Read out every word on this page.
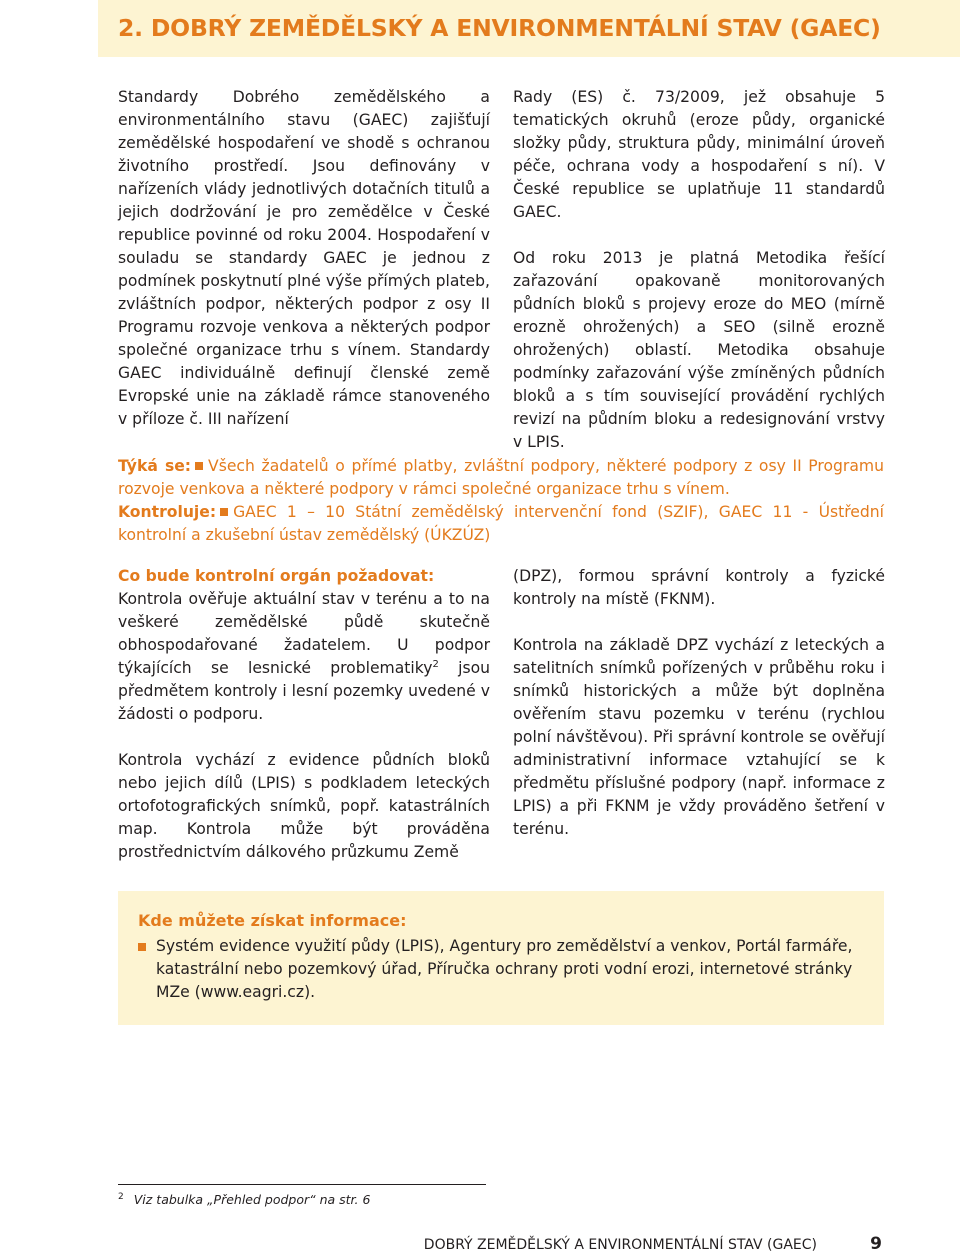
2. DOBRÝ ZEMĚDĚLSKÝ A ENVIRONMENTÁLNÍ STAV (GAEC)

Standardy Dobrého zemědělského a environmentálního stavu (GAEC) zajišťují zemědělské hospodaření ve shodě s ochranou životního prostředí. Jsou definovány v nařízeních vlády jednotlivých dotačních titulů a jejich dodržování je pro zemědělce v České republice povinné od roku 2004. Hospodaření v souladu se standardy GAEC je jednou z podmínek poskytnutí plné výše přímých plateb, zvláštních podpor, některých podpor z osy II Programu rozvoje venkova a některých podpor společné organizace trhu s vínem. Standardy GAEC individuálně definují členské země Evropské unie na základě rámce stanoveného v příloze č. III nařízení

Rady (ES) č. 73/2009, jež obsahuje 5 tematických okruhů (eroze půdy, organické složky půdy, struktura půdy, minimální úroveň péče, ochrana vody a hospodaření s ní). V České republice se uplatňuje 11 standardů GAEC.

Od roku 2013 je platná Metodika řešící zařazování opakovaně monitorovaných půdních bloků s projevy eroze do MEO (mírně erozně ohrožených) a SEO (silně erozně ohrožených) oblastí. Metodika obsahuje podmínky zařazování výše zmíněných půdních bloků a s tím související provádění rychlých revizí na půdním bloku a redesignování vrstvy v LPIS.

Týká se: Všech žadatelů o přímé platby, zvláštní podpory, některé podpory z osy II Programu rozvoje venkova a některé podpory v rámci společné organizace trhu s vínem.

Kontroluje: GAEC 1 – 10 Státní zemědělský intervenční fond (SZIF), GAEC 11 - Ústřední kontrolní a zkušební ústav zemědělský (ÚKZÚZ)

Co bude kontrolní orgán požadovat:

Kontrola ověřuje aktuální stav v terénu a to na veškeré zemědělské půdě skutečně obhospodařované žadatelem. U podpor týkajících se lesnické problematiky$^2$ jsou předmětem kontroly i lesní pozemky uvedené v žádosti o podporu.

Kontrola vychází z evidence půdních bloků nebo jejich dílů (LPIS) s podkladem leteckých ortofotografických snímků, popř. katastrálních map. Kontrola může být prováděna prostřednictvím dálkového průzkumu Země

(DPZ), formou správní kontroly a fyzické kontroly na místě (FKNM).

Kontrola na základě DPZ vychází z leteckých a satelitních snímků pořízených v průběhu roku i snímků historických a může být doplněna ověřením stavu pozemku v terénu (rychlou polní návštěvou). Při správní kontrole se ověřují administrativní informace vztahující se k předmětu příslušné podpory (např. informace z LPIS) a při FKNM je vždy prováděno šetření v terénu.

Kde můžete získat informace:
Systém evidence využití půdy (LPIS), Agentury pro zemědělství a venkov, Portál farmáře, katastrální nebo pozemkový úřad, Příručka ochrany proti vodní erozi, internetové stránky MZe (www.eagri.cz).
$^2$ Viz tabulka „Přehled podpor“ na str. 6
DOBRÝ ZEMĚDĚLSKÝ A ENVIRONMENTÁLNÍ STAV (GAEC)	9
